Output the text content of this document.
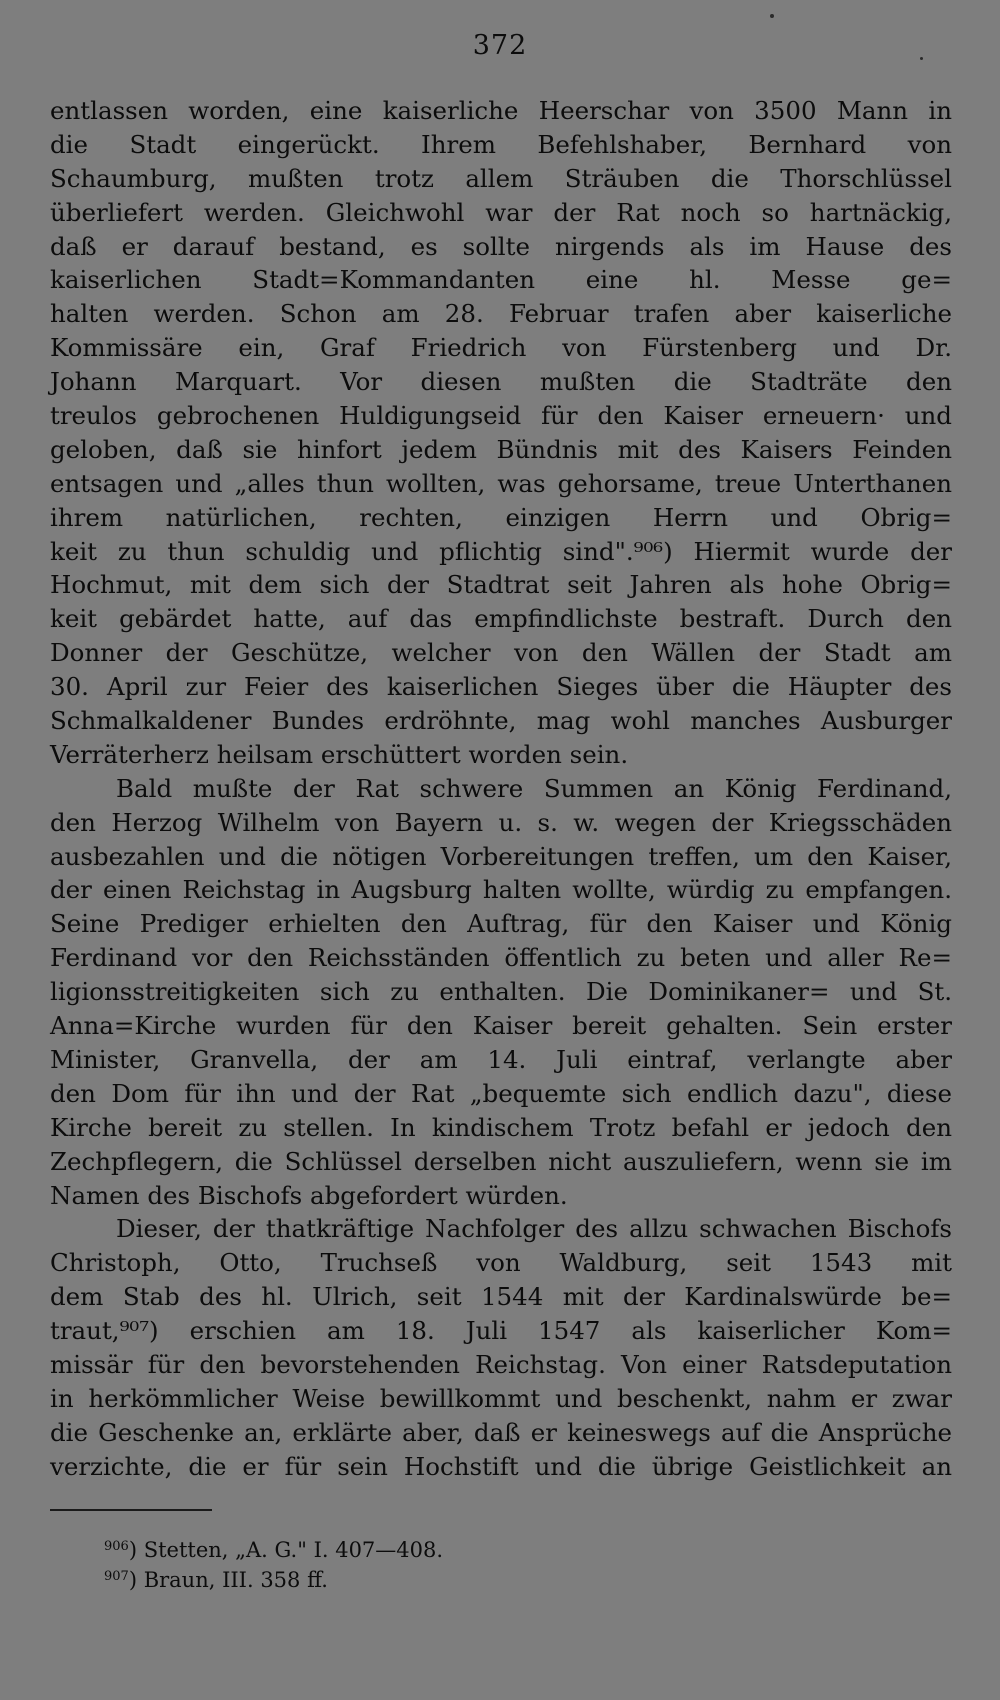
372
entlassen worden, eine kaiserliche Heerschar von 3500 Mann in
die Stadt eingerückt. Ihrem Befehlshaber, Bernhard von
Schaumburg, mußten trotz allem Sträuben die Thorschlüssel
überliefert werden. Gleichwohl war der Rat noch so hartnäckig,
daß er darauf bestand, es sollte nirgends als im Hause des
kaiserlichen Stadt=Kommandanten eine hl. Messe ge=
halten werden. Schon am 28. Februar trafen aber kaiserliche
Kommissäre ein, Graf Friedrich von Fürstenberg und Dr.
Johann Marquart. Vor diesen mußten die Stadträte den
treulos gebrochenen Huldigungseid für den Kaiser erneuern· und
geloben, daß sie hinfort jedem Bündnis mit des Kaisers Feinden
entsagen und „alles thun wollten, was gehorsame, treue Unterthanen
ihrem natürlichen, rechten, einzigen Herrn und Obrig=
keit zu thun schuldig und pflichtig sind".⁹⁰⁶) Hiermit wurde der
Hochmut, mit dem sich der Stadtrat seit Jahren als hohe Obrig=
keit gebärdet hatte, auf das empfindlichste bestraft. Durch den
Donner der Geschütze, welcher von den Wällen der Stadt am
30. April zur Feier des kaiserlichen Sieges über die Häupter des
Schmalkaldener Bundes erdröhnte, mag wohl manches Ausburger
Verräterherz heilsam erschüttert worden sein.
Bald mußte der Rat schwere Summen an König Ferdinand,
den Herzog Wilhelm von Bayern u. s. w. wegen der Kriegsschäden
ausbezahlen und die nötigen Vorbereitungen treffen, um den Kaiser,
der einen Reichstag in Augsburg halten wollte, würdig zu empfangen.
Seine Prediger erhielten den Auftrag, für den Kaiser und König
Ferdinand vor den Reichsständen öffentlich zu beten und aller Re=
ligionsstreitigkeiten sich zu enthalten. Die Dominikaner= und St.
Anna=Kirche wurden für den Kaiser bereit gehalten. Sein erster
Minister, Granvella, der am 14. Juli eintraf, verlangte aber
den Dom für ihn und der Rat „bequemte sich endlich dazu", diese
Kirche bereit zu stellen. In kindischem Trotz befahl er jedoch den
Zechpflegern, die Schlüssel derselben nicht auszuliefern, wenn sie im
Namen des Bischofs abgefordert würden.
Dieser, der thatkräftige Nachfolger des allzu schwachen Bischofs
Christoph, Otto, Truchseß von Waldburg, seit 1543 mit
dem Stab des hl. Ulrich, seit 1544 mit der Kardinalswürde be=
traut,⁹⁰⁷) erschien am 18. Juli 1547 als kaiserlicher Kom=
missär für den bevorstehenden Reichstag. Von einer Ratsdeputation
in herkömmlicher Weise bewillkommt und beschenkt, nahm er zwar
die Geschenke an, erklärte aber, daß er keineswegs auf die Ansprüche
verzichte, die er für sein Hochstift und die übrige Geistlichkeit an
$^{906}$) Stetten, „A. G." I. 407—408.
$^{907}$) Braun, III. 358 ff.
